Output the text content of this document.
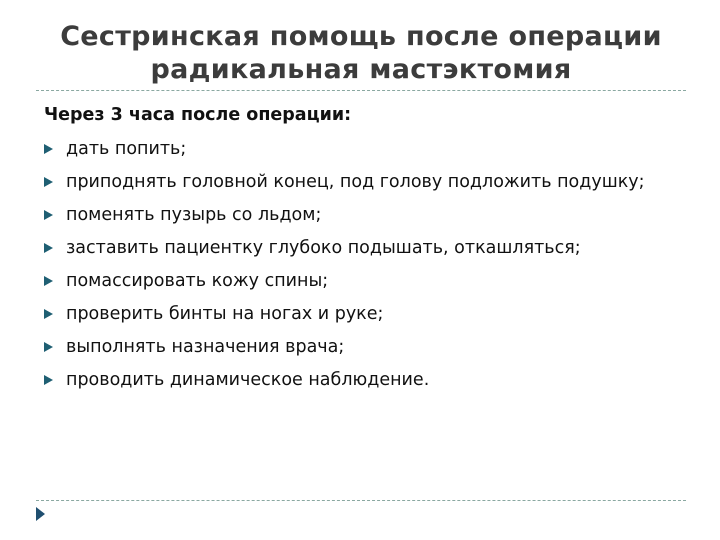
Сестринская помощь после операции
радикальная мастэктомия

Через 3 часа после операции:

дать попить;
приподнять головной конец, под голову подложить подушку;
поменять пузырь со льдом;
заставить пациентку глубоко подышать, откашляться;
помассировать кожу спины;
проверить бинты на ногах и руке;
выполнять назначения врача;
проводить динамическое наблюдение.
